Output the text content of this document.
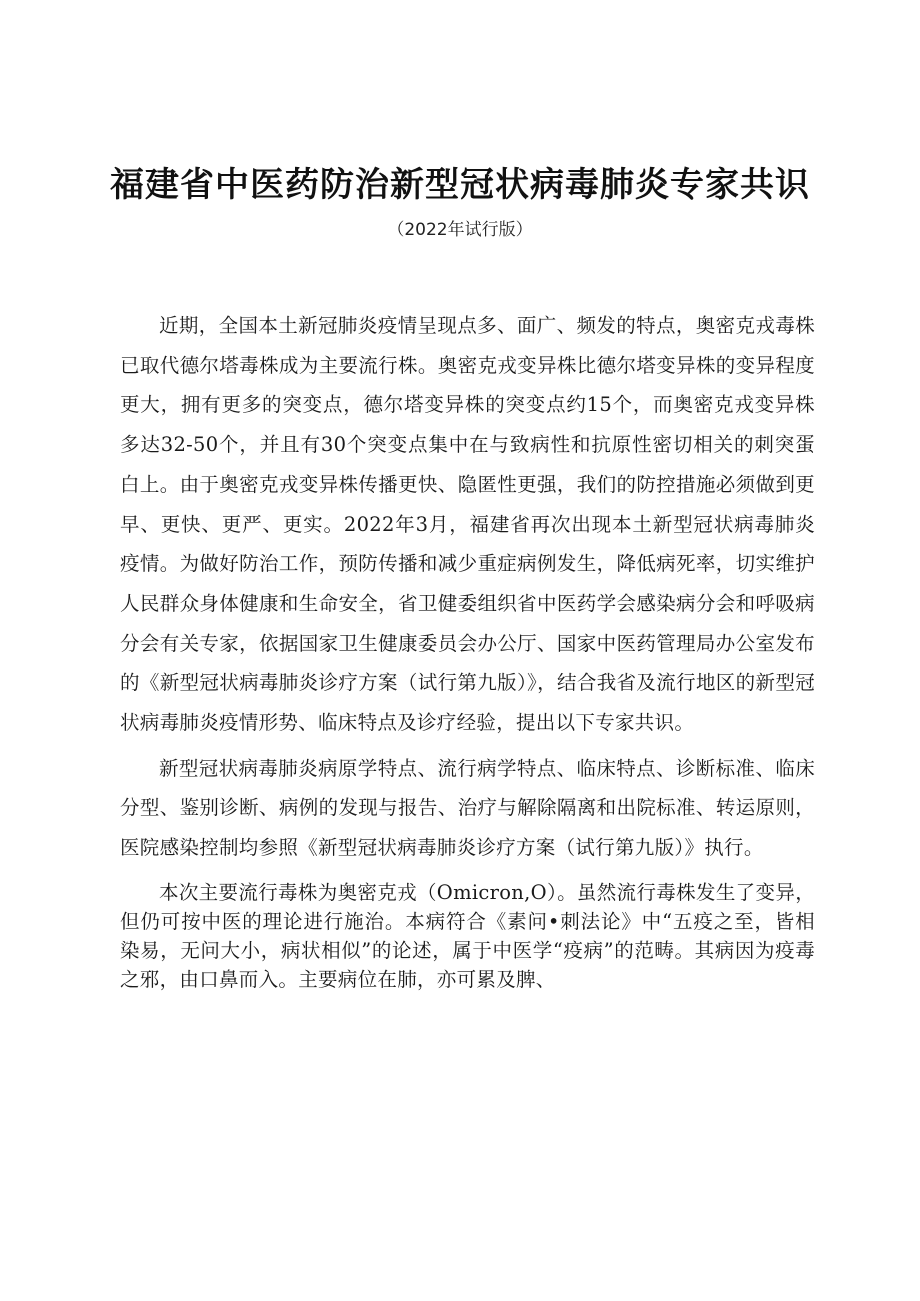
福建省中医药防治新型冠状病毒肺炎专家共识
（2022年试行版）

近期，全国本土新冠肺炎疫情呈现点多、面广、频发的特点，奥密克戎毒株已取代德尔塔毒株成为主要流行株。奥密克戎变异株比德尔塔变异株的变异程度更大，拥有更多的突变点，德尔塔变异株的突变点约15个，而奥密克戎变异株多达32-50个，并且有30个突变点集中在与致病性和抗原性密切相关的刺突蛋白上。由于奥密克戎变异株传播更快、隐匿性更强，我们的防控措施必须做到更早、更快、更严、更实。2022年3月，福建省再次出现本土新型冠状病毒肺炎疫情。为做好防治工作，预防传播和减少重症病例发生，降低病死率，切实维护人民群众身体健康和生命安全，省卫健委组织省中医药学会感染病分会和呼吸病分会有关专家，依据国家卫生健康委员会办公厅、国家中医药管理局办公室发布的《新型冠状病毒肺炎诊疗方案（试行第九版）》，结合我省及流行地区的新型冠状病毒肺炎疫情形势、临床特点及诊疗经验，提出以下专家共识。

新型冠状病毒肺炎病原学特点、流行病学特点、临床特点、诊断标准、临床分型、鉴别诊断、病例的发现与报告、治疗与解除隔离和出院标准、转运原则，医院感染控制均参照《新型冠状病毒肺炎诊疗方案（试行第九版）》执行。

本次主要流行毒株为奥密克戎（Omicron,O）。虽然流行毒株发生了变异，但仍可按中医的理论进行施治。本病符合《素问•刺法论》中“五疫之至，皆相染易，无问大小，病状相似”的论述，属于中医学“疫病”的范畴。其病因为疫毒之邪，由口鼻而入。主要病位在肺，亦可累及脾、
